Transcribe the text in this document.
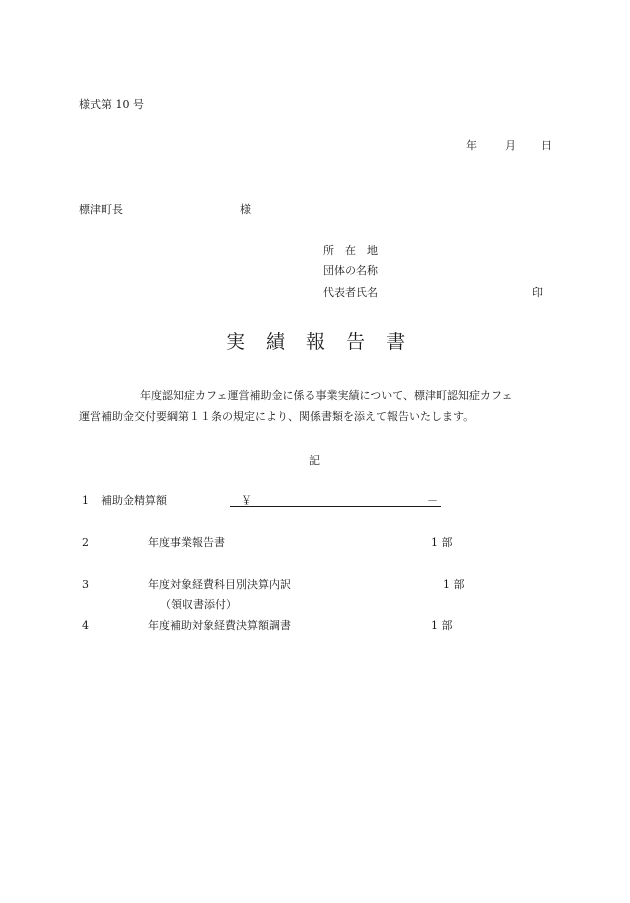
様式第 10 号
年	月 日
標津町長	様
所　在　地
団体の名称
代表者氏名	印
実 績 報 告 書
年度認知症カフェ運営補助金に係る事業実績について、標津町認知症カフェ
運営補助金交付要綱第１１条の規定により、関係書類を添えて報告いたします。
記
1 補助金精算額	￥	－
2	年度事業報告書	1 部
3	年度対象経費科目別決算内訳	1 部
（領収書添付）
4	年度補助対象経費決算額調書	1 部
